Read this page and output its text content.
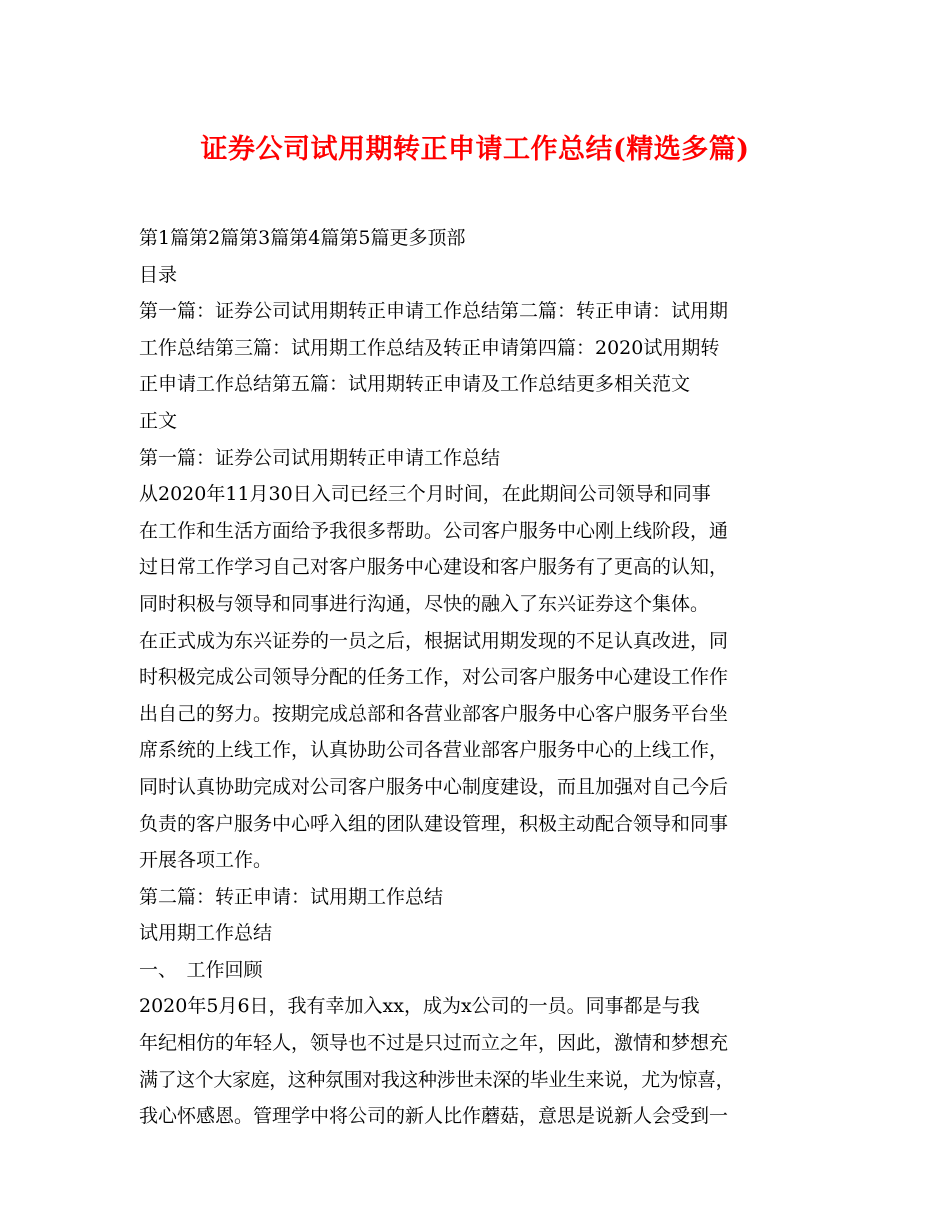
证券公司试用期转正申请工作总结(精选多篇)
第1篇第2篇第3篇第4篇第5篇更多顶部
目录
第一篇：证券公司试用期转正申请工作总结第二篇：转正申请：试用期
工作总结第三篇：试用期工作总结及转正申请第四篇：2020试用期转
正申请工作总结第五篇：试用期转正申请及工作总结更多相关范文
正文
第一篇：证券公司试用期转正申请工作总结
从2020年11月30日入司已经三个月时间，在此期间公司领导和同事
在工作和生活方面给予我很多帮助。公司客户服务中心刚上线阶段，通
过日常工作学习自己对客户服务中心建设和客户服务有了更高的认知，
同时积极与领导和同事进行沟通，尽快的融入了东兴证券这个集体。
在正式成为东兴证券的一员之后，根据试用期发现的不足认真改进，同
时积极完成公司领导分配的任务工作，对公司客户服务中心建设工作作
出自己的努力。按期完成总部和各营业部客户服务中心客户服务平台坐
席系统的上线工作，认真协助公司各营业部客户服务中心的上线工作，
同时认真协助完成对公司客户服务中心制度建设，而且加强对自己今后
负责的客户服务中心呼入组的团队建设管理，积极主动配合领导和同事
开展各项工作。
第二篇：转正申请：试用期工作总结
试用期工作总结
一、　工作回顾
2020年5月6日，我有幸加入xx，成为x公司的一员。同事都是与我
年纪相仿的年轻人，领导也不过是只过而立之年，因此，激情和梦想充
满了这个大家庭，这种氛围对我这种涉世未深的毕业生来说，尤为惊喜，
我心怀感恩。管理学中将公司的新人比作蘑菇，意思是说新人会受到一
